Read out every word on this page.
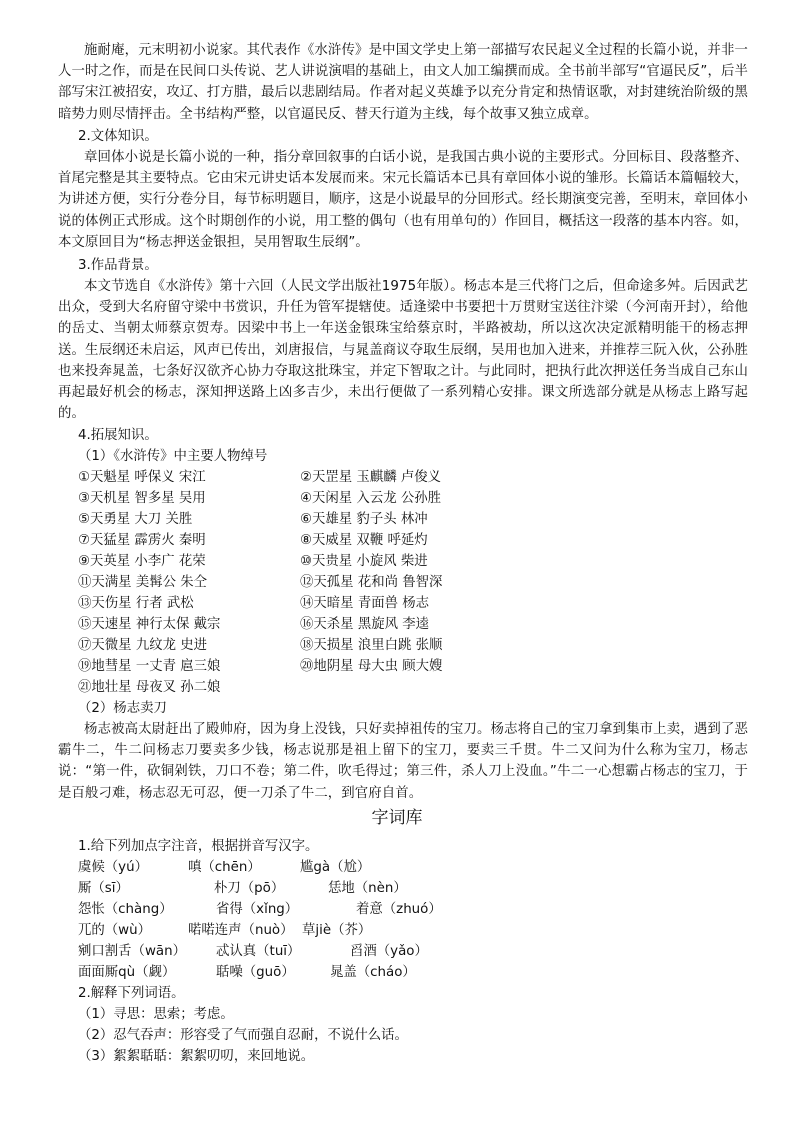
施耐庵，元末明初小说家。其代表作《水浒传》是中国文学史上第一部描写农民起义全过程的长篇小说，并非一人一时之作，而是在民间口头传说、艺人讲说演唱的基础上，由文人加工编撰而成。全书前半部写“官逼民反”，后半部写宋江被招安，攻辽、打方腊，最后以悲剧结局。作者对起义英雄予以充分肯定和热情讴歌，对封建统治阶级的黑暗势力则尽情抨击。全书结构严整，以官逼民反、替天行道为主线，每个故事又独立成章。

2.文体知识。

章回体小说是长篇小说的一种，指分章回叙事的白话小说，是我国古典小说的主要形式。分回标目、段落整齐、首尾完整是其主要特点。它由宋元讲史话本发展而来。宋元长篇话本已具有章回体小说的雏形。长篇话本篇幅较大，为讲述方便，实行分卷分目，每节标明题目，顺序，这是小说最早的分回形式。经长期演变完善，至明末，章回体小说的体例正式形成。这个时期创作的小说，用工整的偶句（也有用单句的）作回目，概括这一段落的基本内容。如，本文原回目为“杨志押送金银担，吴用智取生辰纲”。

3.作品背景。

本文节选自《水浒传》第十六回（人民文学出版社1975年版）。杨志本是三代将门之后，但命途多舛。后因武艺出众，受到大名府留守梁中书赏识，升任为管军提辖使。适逢梁中书要把十万贯财宝送往汴梁（今河南开封），给他的岳丈、当朝太师蔡京贺寿。因梁中书上一年送金银珠宝给蔡京时，半路被劫，所以这次决定派精明能干的杨志押送。生辰纲还未启运，风声已传出，刘唐报信，与晁盖商议夺取生辰纲，吴用也加入进来，并推荐三阮入伙，公孙胜也来投奔晁盖，七条好汉欲齐心协力夺取这批珠宝，并定下智取之计。与此同时，把执行此次押送任务当成自己东山再起最好机会的杨志，深知押送路上凶多吉少，未出行便做了一系列精心安排。课文所选部分就是从杨志上路写起的。

4.拓展知识。

（1）《水浒传》中主要人物绰号

①天魁星 呼保义 宋江	②天罡星 玉麒麟 卢俊义
③天机星 智多星 吴用	④天闲星 入云龙 公孙胜
⑤天勇星 大刀 关胜	⑥天雄星 豹子头 林冲
⑦天猛星 霹雳火 秦明	⑧天威星 双鞭 呼延灼
⑨天英星 小李广 花荣	⑩天贵星 小旋风 柴进
⑪天满星 美髯公 朱仝	⑫天孤星 花和尚 鲁智深
⑬天伤星 行者 武松	⑭天暗星 青面兽 杨志
⑮天速星 神行太保 戴宗	⑯天杀星 黑旋风 李逵
⑰天微星 九纹龙 史进	⑱天损星 浪里白跳 张顺
⑲地彗星 一丈青 扈三娘	⑳地阴星 母大虫 顾大嫂
㉑地壮星 母夜叉 孙二娘

（2）杨志卖刀

杨志被高太尉赶出了殿帅府，因为身上没钱，只好卖掉祖传的宝刀。杨志将自己的宝刀拿到集市上卖，遇到了恶霸牛二，牛二问杨志刀要卖多少钱，杨志说那是祖上留下的宝刀，要卖三千贯。牛二又问为什么称为宝刀，杨志说：“第一件，砍铜剁铁，刀口不卷；第二件，吹毛得过；第三件，杀人刀上没血。”牛二一心想霸占杨志的宝刀，于是百般刁难，杨志忍无可忍，便一刀杀了牛二，到官府自首。

字词库

1.给下列加点字注音，根据拼音写汉字。

虞候（yú）	嗔（chēn）	尴gà（尬）
厮（sī）	朴刀（pō）	恁地（nèn）
怨怅（chàng）	省得（xǐng）	着意（zhuó）
兀的（wù）	喏喏连声（nuò） 草jiè（芥）
剜口割舌（wān） 忒认真（tuī）	舀酒（yǎo）
面面厮qù（觑）	聒噪（guō）	晁盖（cháo）

2.解释下列词语。

（1）寻思：思索；考虑。

（2）忍气吞声：形容受了气而强自忍耐，不说什么话。

（3）絮絮聒聒：絮絮叨叨，来回地说。
